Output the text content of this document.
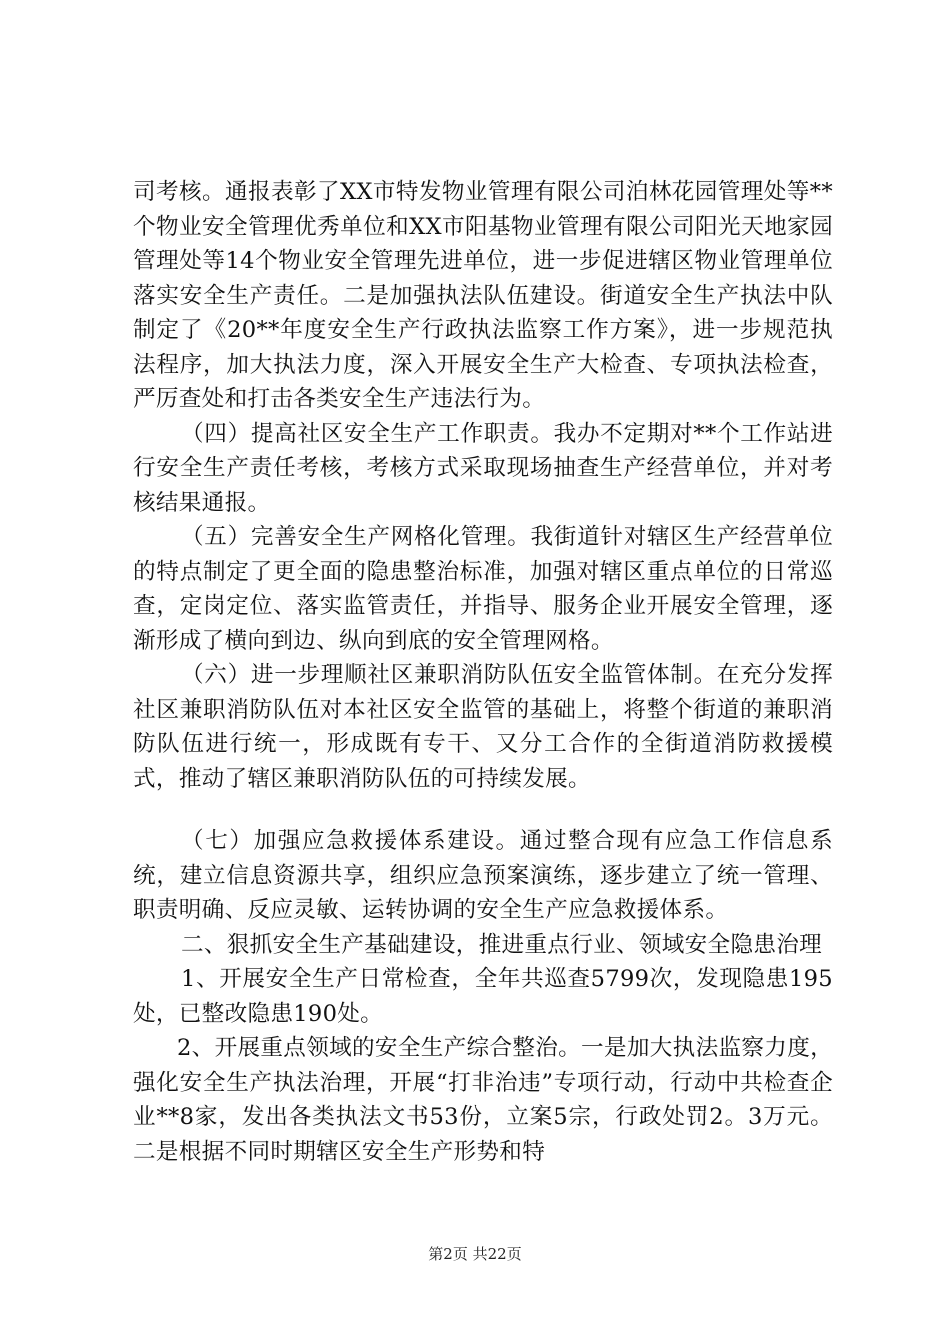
司考核。通报表彰了XX市特发物业管理有限公司泊林花园管理处等**个物业安全管理优秀单位和XX市阳基物业管理有限公司阳光天地家园管理处等14个物业安全管理先进单位，进一步促进辖区物业管理单位落实安全生产责任。二是加强执法队伍建设。街道安全生产执法中队制定了《20**年度安全生产行政执法监察工作方案》，进一步规范执法程序，加大执法力度，深入开展安全生产大检查、专项执法检查，严厉查处和打击各类安全生产违法行为。

（四）提高社区安全生产工作职责。我办不定期对**个工作站进行安全生产责任考核，考核方式采取现场抽查生产经营单位，并对考核结果通报。

（五）完善安全生产网格化管理。我街道针对辖区生产经营单位的特点制定了更全面的隐患整治标准，加强对辖区重点单位的日常巡查，定岗定位、落实监管责任，并指导、服务企业开展安全管理，逐渐形成了横向到边、纵向到底的安全管理网格。

（六）进一步理顺社区兼职消防队伍安全监管体制。在充分发挥社区兼职消防队伍对本社区安全监管的基础上，将整个街道的兼职消防队伍进行统一，形成既有专干、又分工合作的全街道消防救援模式，推动了辖区兼职消防队伍的可持续发展。

（七）加强应急救援体系建设。通过整合现有应急工作信息系统，建立信息资源共享，组织应急预案演练，逐步建立了统一管理、职责明确、反应灵敏、运转协调的安全生产应急救援体系。

二、狠抓安全生产基础建设，推进重点行业、领域安全隐患治理

1、开展安全生产日常检查，全年共巡查5799次，发现隐患195处，已整改隐患190处。

2、开展重点领域的安全生产综合整治。一是加大执法监察力度，强化安全生产执法治理，开展“打非治违”专项行动，行动中共检查企业**8家，发出各类执法文书53份，立案5宗，行政处罚2。3万元。二是根据不同时期辖区安全生产形势和特

第2页 共22页
